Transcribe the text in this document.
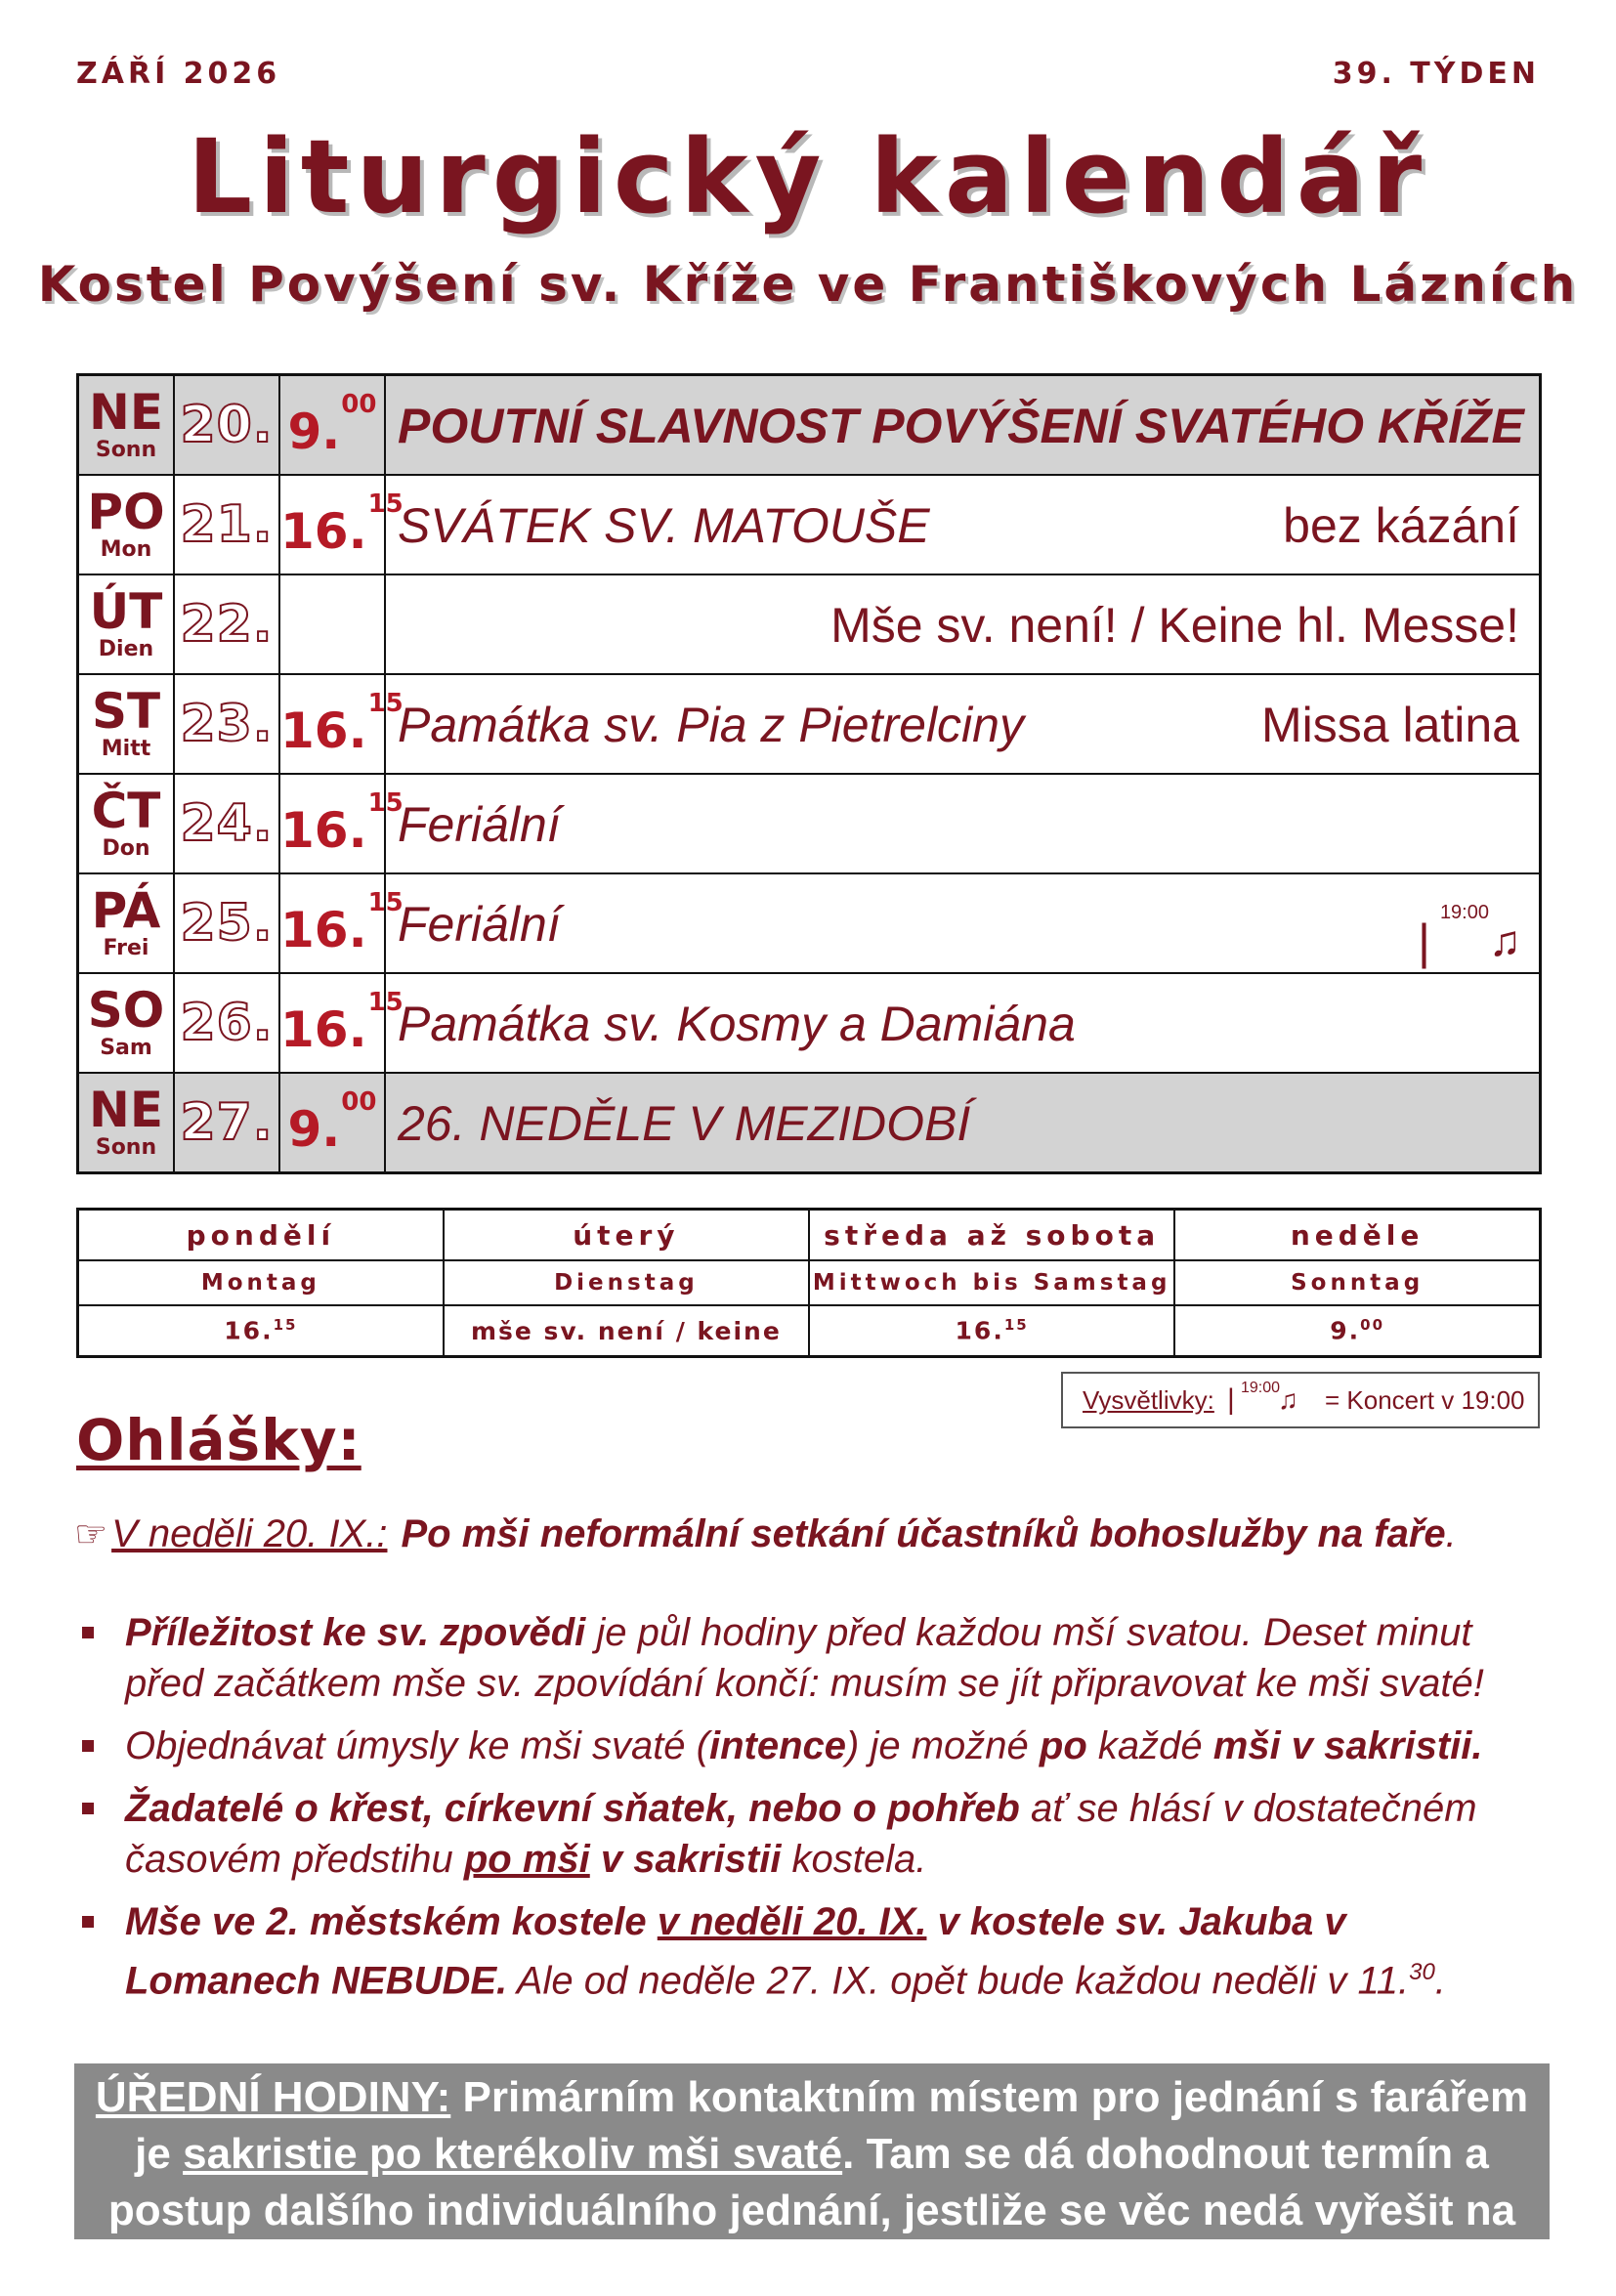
ZÁŘÍ 2026	39. TÝDEN
Liturgický kalendář
Kostel Povýšení sv. Kříže ve Františkových Lázních
NE
Sonn	20.	9.00	POUTNÍ SLAVNOST POVÝŠENÍ SVATÉHO KŘÍŽE

PO
Mon	21.	16.15	SVÁTEK SV. MATOUŠE bez kázání

ÚT
Dien	22.		Mše sv. není! / Keine hl. Messe!

ST
Mitt	23.	16.15	Památka sv. Pia z Pietrelciny Missa latina

ČT
Don	24.	16.15	Feriální

PÁ
Frei	25.	16.15	Feriální |19:00♫

SO
Sam	26.	16.15	Památka sv. Kosmy a Damiána

NE
Sonn	27.	9.00	26. NEDĚLE V MEZIDOBÍ
pondělí	úterý	středa až sobota	neděle
Montag	Dienstag	Mittwoch bis Samstag	Sonntag
16.15	mše sv. není / keine	16.15	9.00
Vysvětlivky: | 19:00
♫ = Koncert v 19:00
Ohlášky:
☞ V neděli 20. IX.: Po mši neformální setkání účastníků bohoslužby na faře.
Příležitost ke sv. zpovědi je půl hodiny před každou mší svatou. Deset minut před začátkem mše sv. zpovídání končí: musím se jít připravovat ke mši svaté!
Objednávat úmysly ke mši svaté (intence) je možné po každé mši v sakristii.
Žadatelé o křest, církevní sňatek, nebo o pohřeb ať se hlásí v dostatečném časovém předstihu po mši v sakristii kostela.
Mše ve 2. městském kostele v neděli 20. IX. v kostele sv. Jakuba v Lomanech NEBUDE. Ale od neděle 27. IX. opět bude každou neděli v 11.30.
ÚŘEDNÍ HODINY: Primárním kontaktním místem pro jednání s farářem je sakristie po kterékoliv mši svaté. Tam se dá dohodnout termín a postup dalšího individuálního jednání, jestliže se věc nedá vyřešit na místě hned.
